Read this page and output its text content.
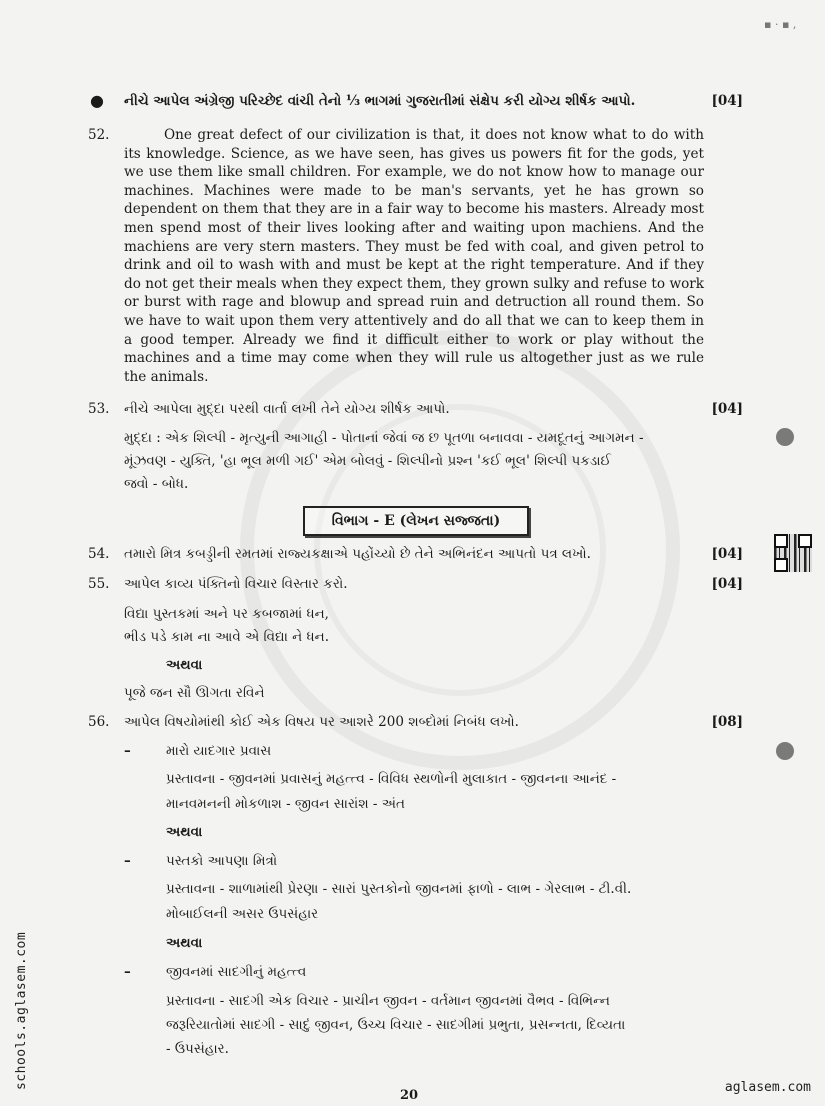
▪ · ▪ ,
● નીચે આપેલ અંગ્રેજી પરિચ્છેદ વાંચી તેનો ⅓ ભાગમાં ગુજરાતીમાં સંક્ષેપ કરી યોગ્ય શીર્ષક આપો.	[04]
52.	One great defect of our civilization is that, it does not know what to do with its knowledge. Science, as we have seen, has gives us powers fit for the gods, yet we use them like small children. For example, we do not know how to manage our machines. Machines were made to be man's servants, yet he has grown so dependent on them that they are in a fair way to become his masters. Already most men spend most of their lives looking after and waiting upon machiens. And the machiens are very stern masters. They must be fed with coal, and given petrol to drink and oil to wash with and must be kept at the right temperature. And if they do not get their meals when they expect them, they grown sulky and refuse to work or burst with rage and blowup and spread ruin and detruction all round them. So we have to wait upon them very attentively and do all that we can to keep them in a good temper. Already we find it difficult either to work or play without the machines and a time may come when they will rule us altogether just as we rule the animals.
53. નીચે આપેલા મુદ્દા પરથી વાર્તા લખી તેને યોગ્ય શીર્ષક આપો.	[04]
મુદ્દા : એક શિલ્પી - મૃત્યુની આગાહી - પોતાનાં જેવાં જ છ પૂતળા બનાવવા - યમદૂતનું આગમન -
મૂંઝવણ - યુક્તિ, 'હા ભૂલ મળી ગઈ' એમ બોલવું - શિલ્પીનો પ્રશ્ન 'કઈ ભૂલ' શિલ્પી પકડાઈ
જવો - બોધ.
વિભાગ - E (લેખન સજ્જતા)
54. તમારો મિત્ર કબડ્ડીની રમતમાં રાજ્યકક્ષાએ પહોંચ્યો છે તેને અભિનંદન આપતો પત્ર લખો.	[04]
55. આપેલ કાવ્ય પંક્તિનો વિચાર વિસ્તાર કરો.	[04]
વિદ્યા પુસ્તકમાં અને પર કબજામાં ધન,
ભીડ પડે કામ ના આવે એ વિદ્યા ને ધન.
અથવા
પૂજે જન સૌ ઊગતા રવિને
56. આપેલ વિષયોમાંથી કોઈ એક વિષય પર આશરે 200 શબ્દોમાં નિબંધ લખો.	[08]
–	મારો યાદગાર પ્રવાસ
પ્રસ્તાવના - જીવનમાં પ્રવાસનું મહત્ત્વ - વિવિધ સ્થળોની મુલાકાત - જીવનના આનંદ -
માનવમનની મોકળાશ - જીવન સારાંશ - અંત
અથવા
–	પસ્તકો આપણા મિત્રો
પ્રસ્તાવના - શાળામાંથી પ્રેરણા - સારાં પુસ્તકોનો જીવનમાં ફાળો - લાભ - ગેરલાભ - ટી.વી.
મોબાઈલની અસર ઉપસંહાર
અથવા
–	જીવનમાં સાદગીનું મહત્ત્વ
પ્રસ્તાવના - સાદગી એક વિચાર - પ્રાચીન જીવન - વર્તમાન જીવનમાં વૈભવ - વિભિન્ન
જરૂરિયાતોમાં સાદગી - સાદું જીવન, ઉચ્ચ વિચાર - સાદગીમાં પ્રભુતા, પ્રસન્નતા, દિવ્યતા
- ઉપસંહાર.
20
schools.aglasem.com	aglasem.com
